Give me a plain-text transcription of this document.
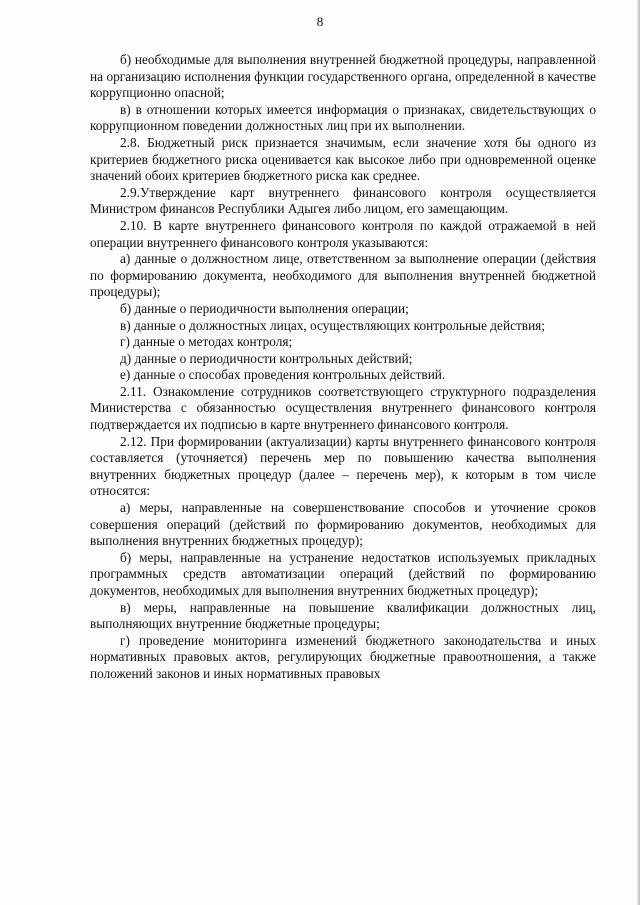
8

б) необходимые для выполнения внутренней бюджетной процедуры, направленной на организацию исполнения функции государственного органа, определенной в качестве коррупционно опасной;

в) в отношении которых имеется информация о признаках, свидетельствующих о коррупционном поведении должностных лиц при их выполнении.

2.8. Бюджетный риск признается значимым, если значение хотя бы одного из критериев бюджетного риска оценивается как высокое либо при одновременной оценке значений обоих критериев бюджетного риска как среднее.

2.9.Утверждение карт внутреннего финансового контроля осуществляется Министром финансов Республики Адыгея либо лицом, его замещающим.

2.10. В карте внутреннего финансового контроля по каждой отражаемой в ней операции внутреннего финансового контроля указываются:

а) данные о должностном лице, ответственном за выполнение операции (действия по формированию документа, необходимого для выполнения внутренней бюджетной процедуры);

б) данные о периодичности выполнения операции;

в) данные о должностных лицах, осуществляющих контрольные действия;

г) данные о методах контроля;

д) данные о периодичности контрольных действий;

е) данные о способах проведения контрольных действий.

2.11. Ознакомление сотрудников соответствующего структурного подразделения Министерства с обязанностью осуществления внутреннего финансового контроля подтверждается их подписью в карте внутреннего финансового контроля.

2.12. При формировании (актуализации) карты внутреннего финансового контроля составляется (уточняется) перечень мер по повышению качества выполнения внутренних бюджетных процедур (далее – перечень мер), к которым в том числе относятся:

а) меры, направленные на совершенствование способов и уточнение сроков совершения операций (действий по формированию документов, необходимых для выполнения внутренних бюджетных процедур);

б) меры, направленные на устранение недостатков используемых прикладных программных средств автоматизации операций (действий по формированию документов, необходимых для выполнения внутренних бюджетных процедур);

в) меры, направленные на повышение квалификации должностных лиц, выполняющих внутренние бюджетные процедуры;

г) проведение мониторинга изменений бюджетного законодательства и иных нормативных правовых актов, регулирующих бюджетные правоотношения, а также положений законов и иных нормативных правовых
